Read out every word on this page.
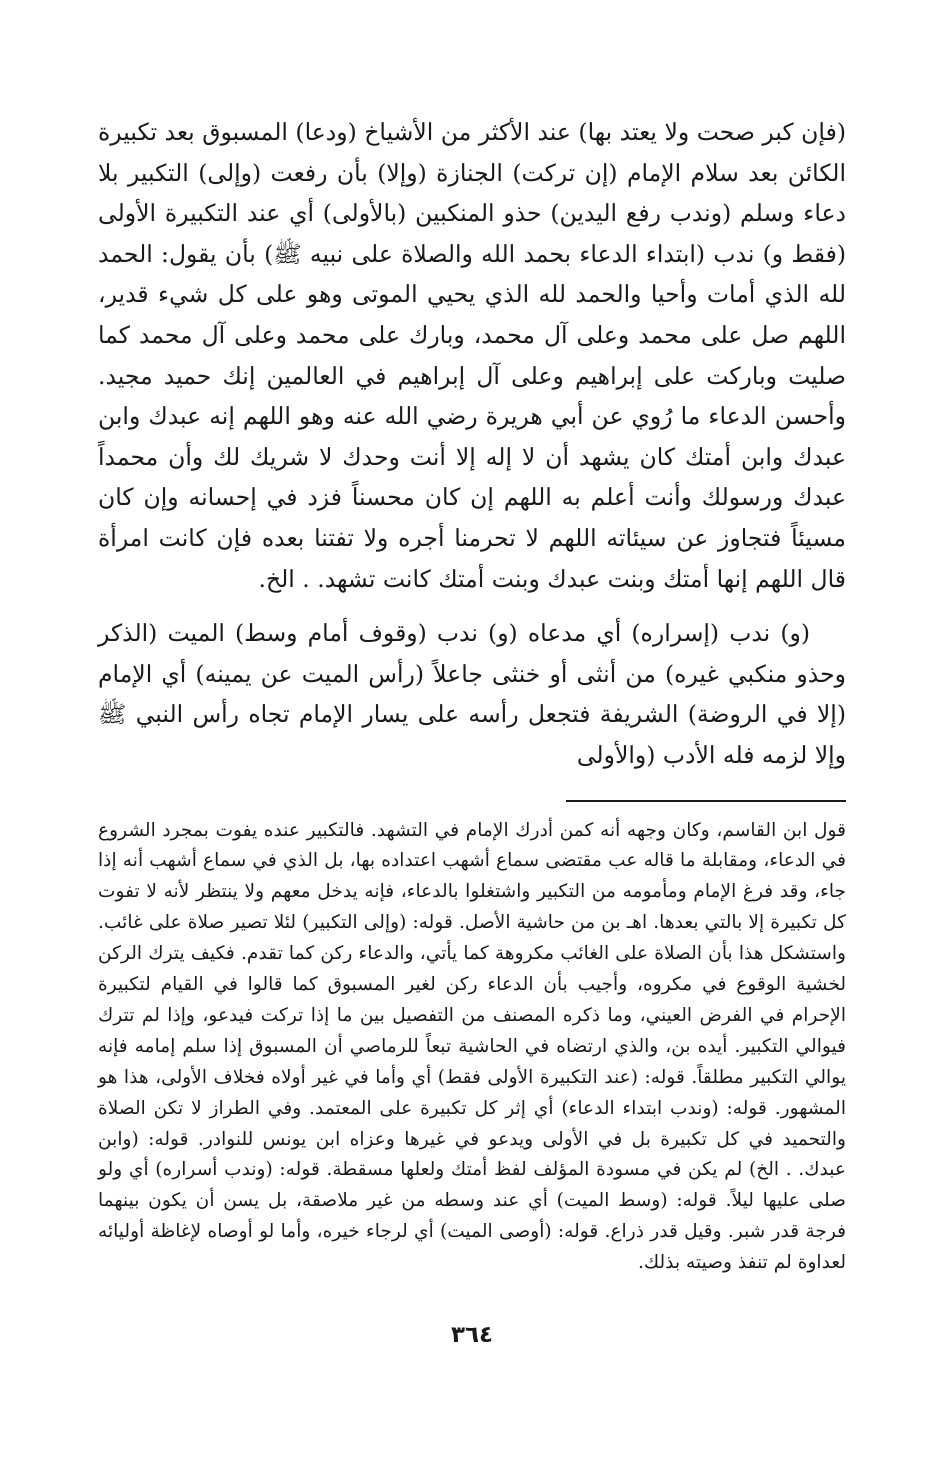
(فإن كبر صحت ولا يعتد بها) عند الأكثر من الأشياخ (ودعا) المسبوق بعد تكبيرة الكائن بعد سلام الإمام (إن تركت) الجنازة (وإلا) بأن رفعت (وإلى) التكبير بلا دعاء وسلم (وندب رفع اليدين) حذو المنكبين (بالأولى) أي عند التكبيرة الأولى (فقط و) ندب (ابتداء الدعاء بحمد الله والصلاة على نبيه ﷺ) بأن يقول: الحمد لله الذي أمات وأحيا والحمد لله الذي يحيي الموتى وهو على كل شيء قدير، اللهم صل على محمد وعلى آل محمد، وبارك على محمد وعلى آل محمد كما صليت وباركت على إبراهيم وعلى آل إبراهيم في العالمين إنك حميد مجيد. وأحسن الدعاء ما رُوي عن أبي هريرة رضي الله عنه وهو اللهم إنه عبدك وابن عبدك وابن أمتك كان يشهد أن لا إله إلا أنت وحدك لا شريك لك وأن محمداً عبدك ورسولك وأنت أعلم به اللهم إن كان محسناً فزد في إحسانه وإن كان مسيئاً فتجاوز عن سيئاته اللهم لا تحرمنا أجره ولا تفتنا بعده فإن كانت امرأة قال اللهم إنها أمتك وبنت عبدك وبنت أمتك كانت تشهد. . الخ.

(و) ندب (إسراره) أي مدعاه (و) ندب (وقوف أمام وسط) الميت (الذكر وحذو منكبي غيره) من أنثى أو خنثى جاعلاً (رأس الميت عن يمينه) أي الإمام (إلا في الروضة) الشريفة فتجعل رأسه على يسار الإمام تجاه رأس النبي ﷺ وإلا لزمه فله الأدب (والأولى

قول ابن القاسم، وكان وجهه أنه كمن أدرك الإمام في التشهد. فالتكبير عنده يفوت بمجرد الشروع في الدعاء، ومقابلة ما قاله عب مقتضى سماع أشهب اعتداده بها، بل الذي في سماع أشهب أنه إذا جاء، وقد فرغ الإمام ومأمومه من التكبير واشتغلوا بالدعاء، فإنه يدخل معهم ولا ينتظر لأنه لا تفوت كل تكبيرة إلا بالتي بعدها. اهـ بن من حاشية الأصل. قوله: (وإلى التكبير) لئلا تصير صلاة على غائب. واستشكل هذا بأن الصلاة على الغائب مكروهة كما يأتي، والدعاء ركن كما تقدم. فكيف يترك الركن لخشية الوقوع في مكروه، وأجيب بأن الدعاء ركن لغير المسبوق كما قالوا في القيام لتكبيرة الإحرام في الفرض العيني، وما ذكره المصنف من التفصيل بين ما إذا تركت فيدعو، وإذا لم تترك فيوالي التكبير. أيده بن، والذي ارتضاه في الحاشية تبعاً للرماصي أن المسبوق إذا سلم إمامه فإنه يوالي التكبير مطلقاً. قوله: (عند التكبيرة الأولى فقط) أي وأما في غير أولاه فخلاف الأولى، هذا هو المشهور. قوله: (وندب ابتداء الدعاء) أي إثر كل تكبيرة على المعتمد. وفي الطراز لا تكن الصلاة والتحميد في كل تكبيرة بل في الأولى ويدعو في غيرها وعزاه ابن يونس للنوادر. قوله: (وابن عبدك. . الخ) لم يكن في مسودة المؤلف لفظ أمتك ولعلها مسقطة. قوله: (وندب أسراره) أي ولو صلى عليها ليلاً. قوله: (وسط الميت) أي عند وسطه من غير ملاصقة، بل يسن أن يكون بينهما فرجة قدر شبر. وقيل قدر ذراع. قوله: (أوصى الميت) أي لرجاء خيره، وأما لو أوصاه لإغاظة أوليائه لعداوة لم تنفذ وصيته بذلك.

٣٦٤
